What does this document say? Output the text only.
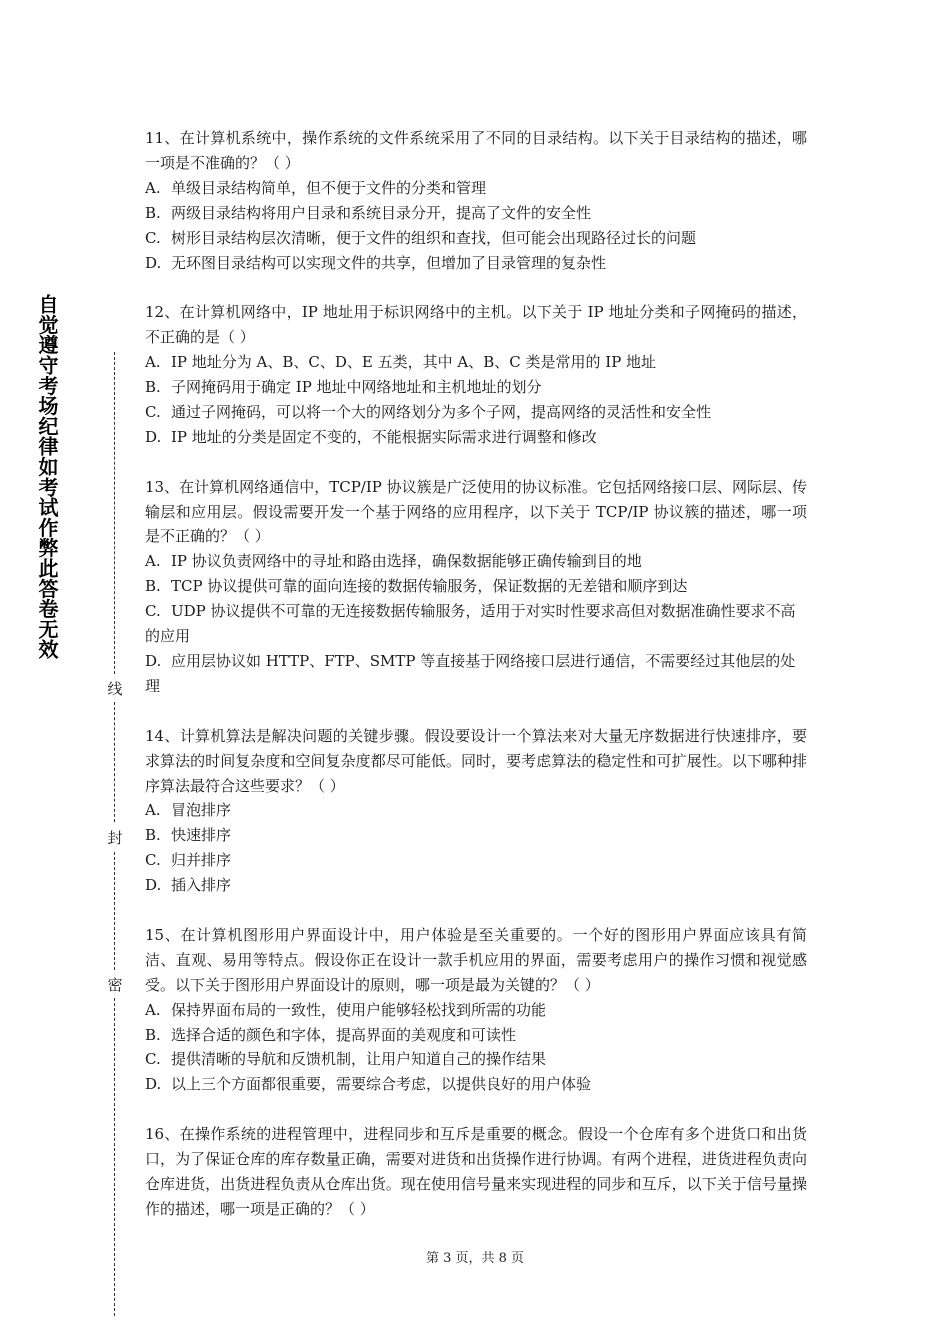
自觉遵守考场纪律如考试作弊此答卷无效
线
封
密

11、在计算机系统中，操作系统的文件系统采用了不同的目录结构。以下关于目录结构的描述，哪一项是不准确的？（ ）

A. 单级目录结构简单，但不便于文件的分类和管理
B. 两级目录结构将用户目录和系统目录分开，提高了文件的安全性
C. 树形目录结构层次清晰，便于文件的组织和查找，但可能会出现路径过长的问题
D. 无环图目录结构可以实现文件的共享，但增加了目录管理的复杂性

12、在计算机网络中，IP 地址用于标识网络中的主机。以下关于 IP 地址分类和子网掩码的描述，不正确的是（ ）

A. IP 地址分为 A、B、C、D、E 五类，其中 A、B、C 类是常用的 IP 地址
B. 子网掩码用于确定 IP 地址中网络地址和主机地址的划分
C. 通过子网掩码，可以将一个大的网络划分为多个子网，提高网络的灵活性和安全性
D. IP 地址的分类是固定不变的，不能根据实际需求进行调整和修改

13、在计算机网络通信中，TCP/IP 协议簇是广泛使用的协议标准。它包括网络接口层、网际层、传输层和应用层。假设需要开发一个基于网络的应用程序，以下关于 TCP/IP 协议簇的描述，哪一项是不正确的？（ ）

A. IP 协议负责网络中的寻址和路由选择，确保数据能够正确传输到目的地
B. TCP 协议提供可靠的面向连接的数据传输服务，保证数据的无差错和顺序到达
C. UDP 协议提供不可靠的无连接数据传输服务，适用于对实时性要求高但对数据准确性要求不高的应用
D. 应用层协议如 HTTP、FTP、SMTP 等直接基于网络接口层进行通信，不需要经过其他层的处理

14、计算机算法是解决问题的关键步骤。假设要设计一个算法来对大量无序数据进行快速排序，要求算法的时间复杂度和空间复杂度都尽可能低。同时，要考虑算法的稳定性和可扩展性。以下哪种排序算法最符合这些要求？（ ）

A. 冒泡排序
B. 快速排序
C. 归并排序
D. 插入排序

15、在计算机图形用户界面设计中，用户体验是至关重要的。一个好的图形用户界面应该具有简洁、直观、易用等特点。假设你正在设计一款手机应用的界面，需要考虑用户的操作习惯和视觉感受。以下关于图形用户界面设计的原则，哪一项是最为关键的？（ ）

A. 保持界面布局的一致性，使用户能够轻松找到所需的功能
B. 选择合适的颜色和字体，提高界面的美观度和可读性
C. 提供清晰的导航和反馈机制，让用户知道自己的操作结果
D. 以上三个方面都很重要，需要综合考虑，以提供良好的用户体验

16、在操作系统的进程管理中，进程同步和互斥是重要的概念。假设一个仓库有多个进货口和出货口，为了保证仓库的库存数量正确，需要对进货和出货操作进行协调。有两个进程，进货进程负责向仓库进货，出货进程负责从仓库出货。现在使用信号量来实现进程的同步和互斥，以下关于信号量操作的描述，哪一项是正确的？（ ）

第 3 页，共 8 页
